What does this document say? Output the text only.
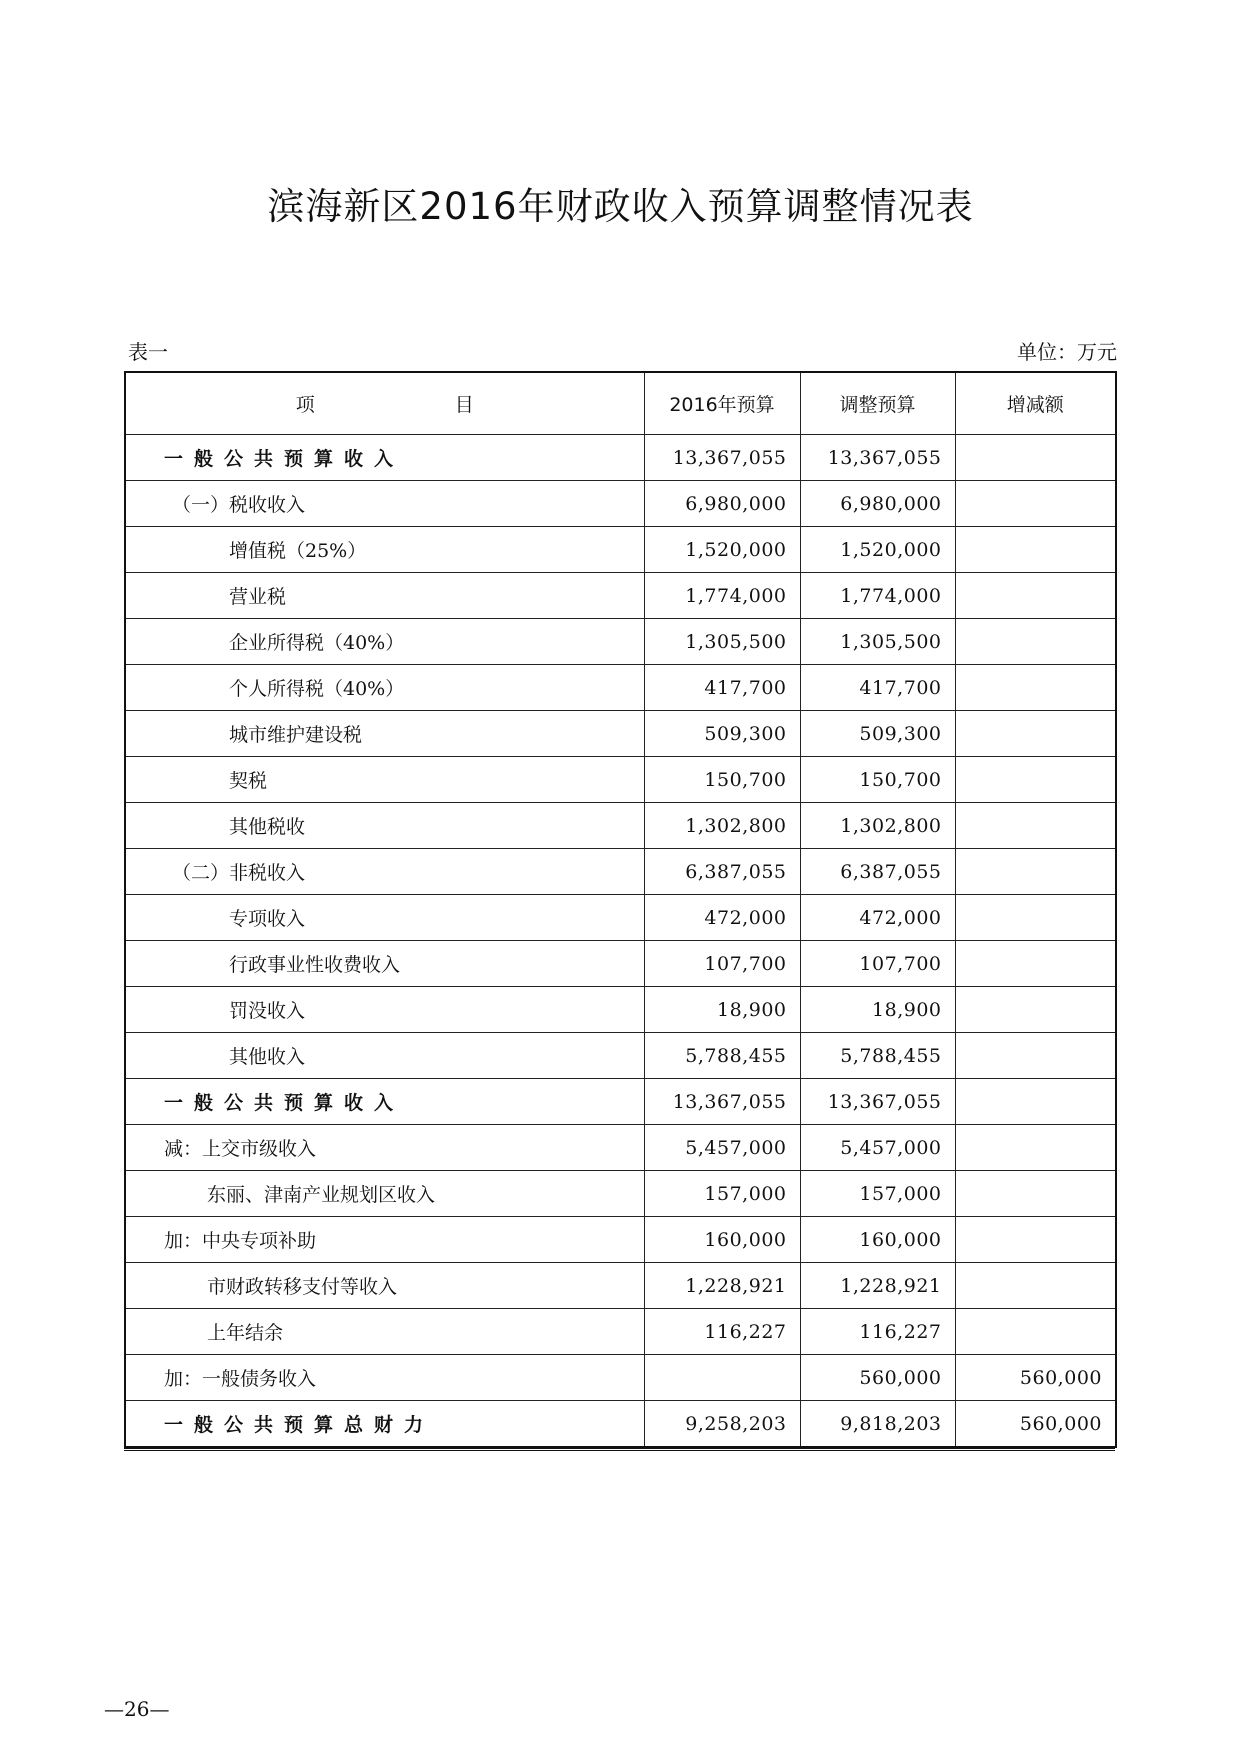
滨海新区2016年财政收入预算调整情况表
表一	单位：万元
项 目	2016年预算	调整预算	增减额
一般公共预算收入	13,367,055	13,367,055	
（一）税收收入	6,980,000	6,980,000	
增值税（25%）	1,520,000	1,520,000	
营业税	1,774,000	1,774,000	
企业所得税（40%）	1,305,500	1,305,500	
个人所得税（40%）	417,700	417,700	
城市维护建设税	509,300	509,300	
契税	150,700	150,700	
其他税收	1,302,800	1,302,800	
（二）非税收入	6,387,055	6,387,055	
专项收入	472,000	472,000	
行政事业性收费收入	107,700	107,700	
罚没收入	18,900	18,900	
其他收入	5,788,455	5,788,455	
一般公共预算收入	13,367,055	13,367,055	
减：上交市级收入	5,457,000	5,457,000	
东丽、津南产业规划区收入	157,000	157,000	
加：中央专项补助	160,000	160,000	
市财政转移支付等收入	1,228,921	1,228,921	
上年结余	116,227	116,227	
加：一般债务收入		560,000	560,000
一般公共预算总财力	9,258,203	9,818,203	560,000
—26—
